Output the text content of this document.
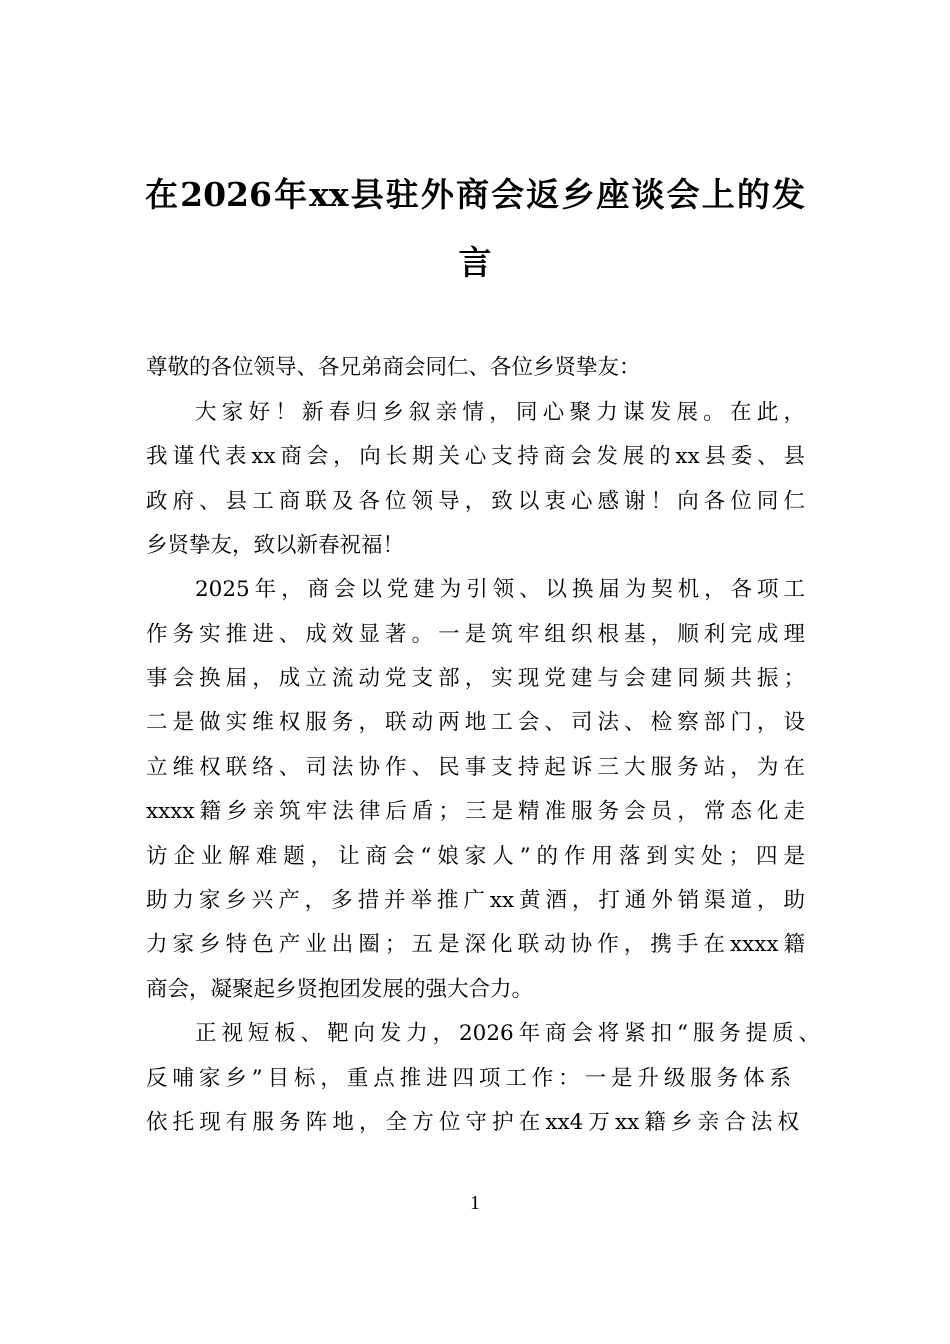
在2026年xx县驻外商会返乡座谈会上的发
言
尊敬的各位领导、各兄弟商会同仁、各位乡贤挚友：
大家好！新春归乡叙亲情，同心聚力谋发展。在此，
我谨代表xx商会，向长期关心支持商会发展的xx县委、县
政府、县工商联及各位领导，致以衷心感谢！向各位同仁
乡贤挚友，致以新春祝福！
2025年，商会以党建为引领、以换届为契机，各项工
作务实推进、成效显著。一是筑牢组织根基，顺利完成理
事会换届，成立流动党支部，实现党建与会建同频共振；
二是做实维权服务，联动两地工会、司法、检察部门，设
立维权联络、司法协作、民事支持起诉三大服务站，为在
xxxx籍乡亲筑牢法律后盾；三是精准服务会员，常态化走
访企业解难题，让商会“娘家人”的作用落到实处；四是
助力家乡兴产，多措并举推广xx黄酒，打通外销渠道，助
力家乡特色产业出圈；五是深化联动协作，携手在xxxx籍
商会，凝聚起乡贤抱团发展的强大合力。
正视短板、靶向发力，2026年商会将紧扣“服务提质、
反哺家乡”目标，重点推进四项工作：一是升级服务体系
依托现有服务阵地，全方位守护在xx4万xx籍乡亲合法权
1
